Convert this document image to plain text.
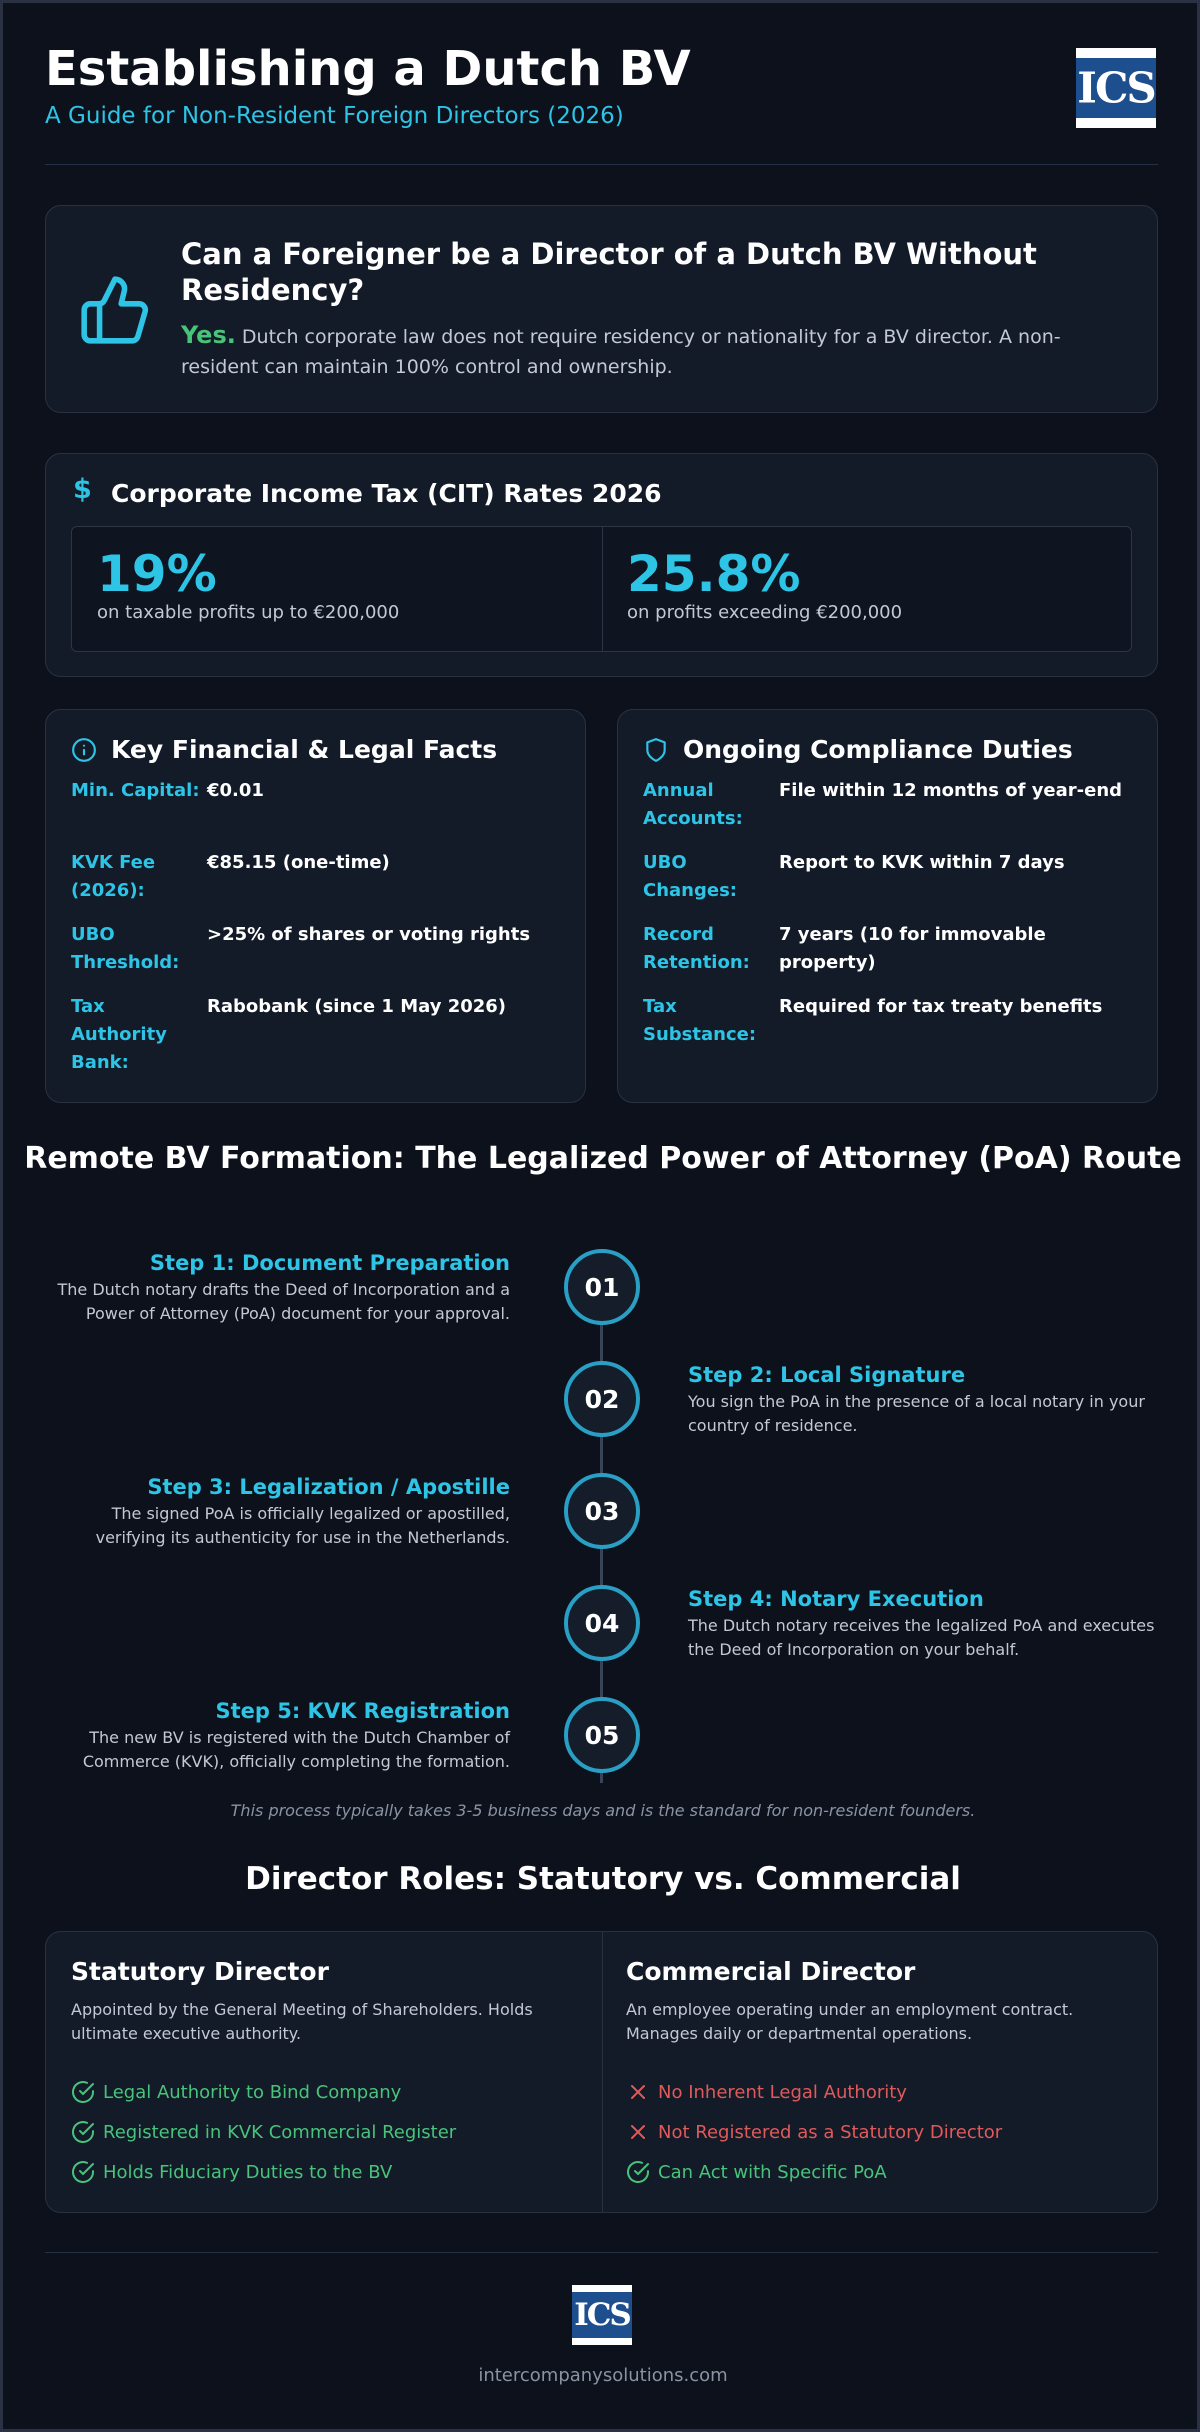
Establishing a Dutch BV
A Guide for Non-Resident Foreign Directors (2026)
ICS
Can a Foreigner be a Director of a Dutch BV Without Residency?
Yes. Dutch corporate law does not require residency or nationality for a BV director. A non-resident can maintain 100% control and ownership.
$ Corporate Income Tax (CIT) Rates 2026
19%
on taxable profits up to €200,000
25.8%
on profits exceeding €200,000
Key Financial & Legal Facts
Min. Capital: €0.01
KVK Fee (2026):
€85.15 (one-time)
UBO Threshold:
>25% of shares or voting rights
Tax Authority Bank:
Rabobank (since 1 May 2026)
Ongoing Compliance Duties
Annual Accounts:
File within 12 months of year-end
UBO Changes:
Report to KVK within 7 days
Record Retention:
7 years (10 for immovable property)
Tax Substance:
Required for tax treaty benefits
Remote BV Formation: The Legalized Power of Attorney (PoA) Route
Step 1: Document Preparation
The Dutch notary drafts the Deed of Incorporation and a Power of Attorney (PoA) document for your approval.
01
02
Step 2: Local Signature
You sign the PoA in the presence of a local notary in your country of residence.
Step 3: Legalization / Apostille
The signed PoA is officially legalized or apostilled, verifying its authenticity for use in the Netherlands.
03
04
Step 4: Notary Execution
The Dutch notary receives the legalized PoA and executes the Deed of Incorporation on your behalf.
Step 5: KVK Registration
The new BV is registered with the Dutch Chamber of Commerce (KVK), officially completing the formation.
05
This process typically takes 3-5 business days and is the standard for non-resident founders.
Director Roles: Statutory vs. Commercial
Statutory Director
Appointed by the General Meeting of Shareholders. Holds ultimate executive authority.
Legal Authority to Bind Company
Registered in KVK Commercial Register
Holds Fiduciary Duties to the BV
Commercial Director
An employee operating under an employment contract. Manages daily or departmental operations.
No Inherent Legal Authority
Not Registered as a Statutory Director
Can Act with Specific PoA
ICS
intercompanysolutions.com
